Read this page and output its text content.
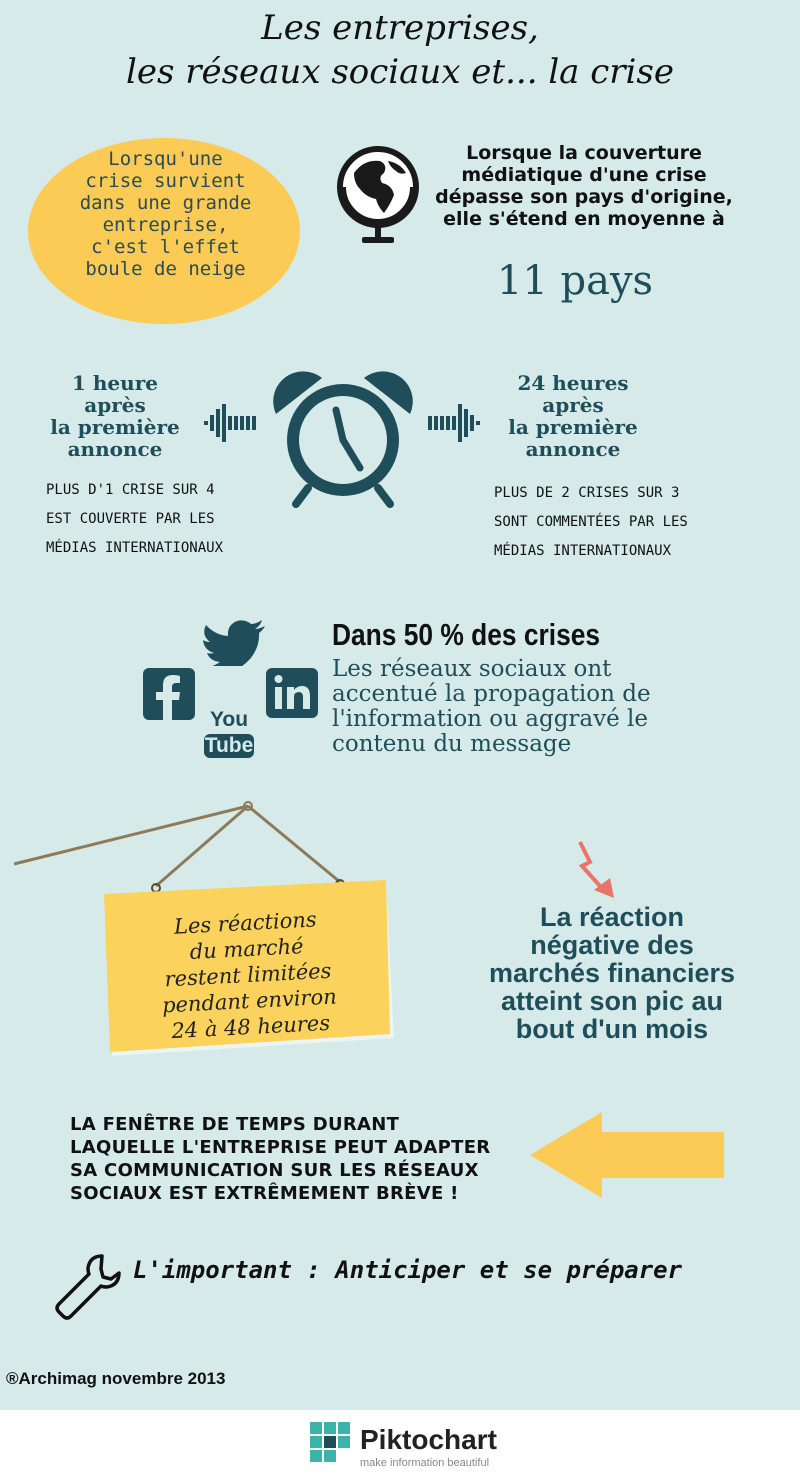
Les entreprises,
les réseaux sociaux et... la crise
Lorsqu'une crise survient dans une grande entreprise, c'est l'effet boule de neige
Lorsque la couverture médiatique d'une crise dépasse son pays d'origine, elle s'étend en moyenne à
11 pays
1 heure
après
la première
annonce
PLUS D'1 CRISE SUR 4
EST COUVERTE PAR LES
MÉDIAS INTERNATIONAUX
24 heures
après
la première
annonce
PLUS DE 2 CRISES SUR 3
SONT COMMENTÉES PAR LES
MÉDIAS INTERNATIONAUX
You
Tube
Dans 50 % des crises
Les réseaux sociaux ont accentué la propagation de l'information ou aggravé le contenu du message
Les réactions
du marché
restent limitées
pendant environ
24 à 48 heures
La réaction
négative des
marchés financiers
atteint son pic au
bout d'un mois
LA FENÊTRE DE TEMPS DURANT
LAQUELLE L'ENTREPRISE PEUT ADAPTER
SA COMMUNICATION SUR LES RÉSEAUX
SOCIAUX EST EXTRÊMEMENT BRÈVE !
L'important : Anticiper et se préparer
®Archimag novembre 2013
Piktochart
make information beautiful
